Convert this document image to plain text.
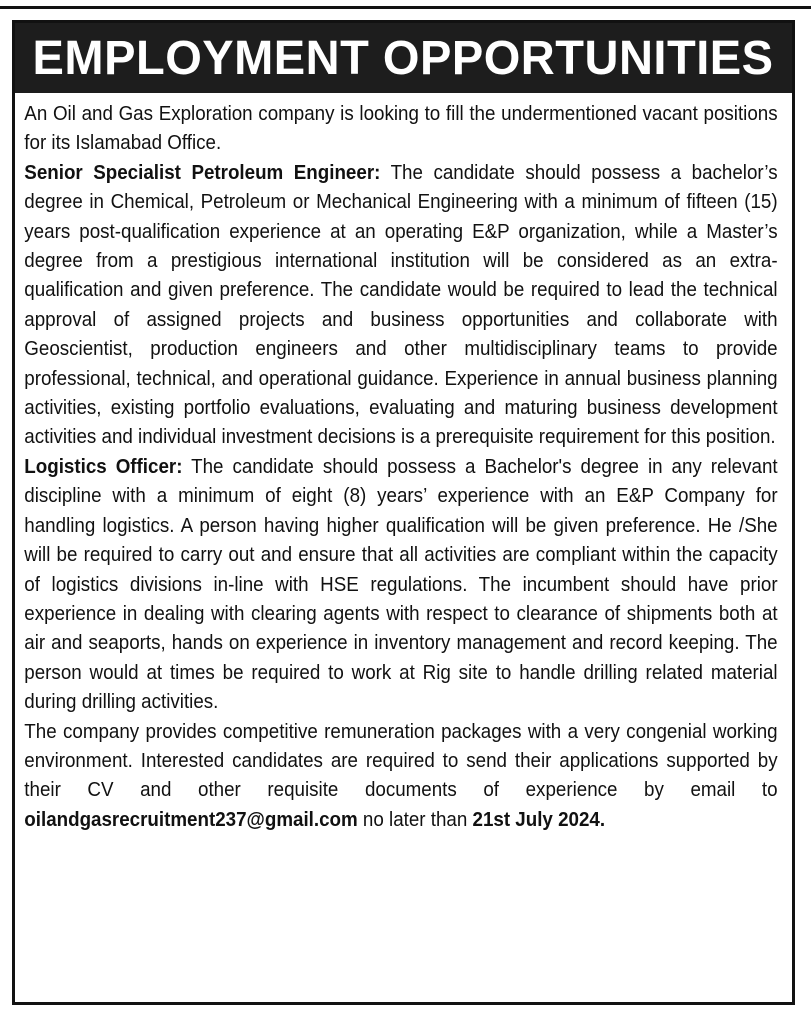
EMPLOYMENT OPPORTUNITIES

An Oil and Gas Exploration company is looking to fill the undermentioned vacant positions for its Islamabad Office.

Senior Specialist Petroleum Engineer: The candidate should possess a bachelor’s degree in Chemical, Petroleum or Mechanical Engineering with a minimum of fifteen (15) years post-qualification experience at an operating E&P organization, while a Master’s degree from a prestigious international institution will be considered as an extra-qualification and given preference. The candidate would be required to lead the technical approval of assigned projects and business opportunities and collaborate with Geoscientist, production engineers and other multidisciplinary teams to provide professional, technical, and operational guidance. Experience in annual business planning activities, existing portfolio evaluations, evaluating and maturing business development activities and individual investment decisions is a prerequisite requirement for this position.

Logistics Officer: The candidate should possess a Bachelor's degree in any relevant discipline with a minimum of eight (8) years’ experience with an E&P Company for handling logistics. A person having higher qualification will be given preference. He /She will be required to carry out and ensure that all activities are compliant within the capacity of logistics divisions in-line with HSE regulations. The incumbent should have prior experience in dealing with clearing agents with respect to clearance of shipments both at air and seaports, hands on experience in inventory management and record keeping. The person would at times be required to work at Rig site to handle drilling related material during drilling activities.

The company provides competitive remuneration packages with a very congenial working environment. Interested candidates are required to send their applications supported by their CV and other requisite documents of experience by email to oilandgasrecruitment237@gmail.com no later than 21st July 2024.
